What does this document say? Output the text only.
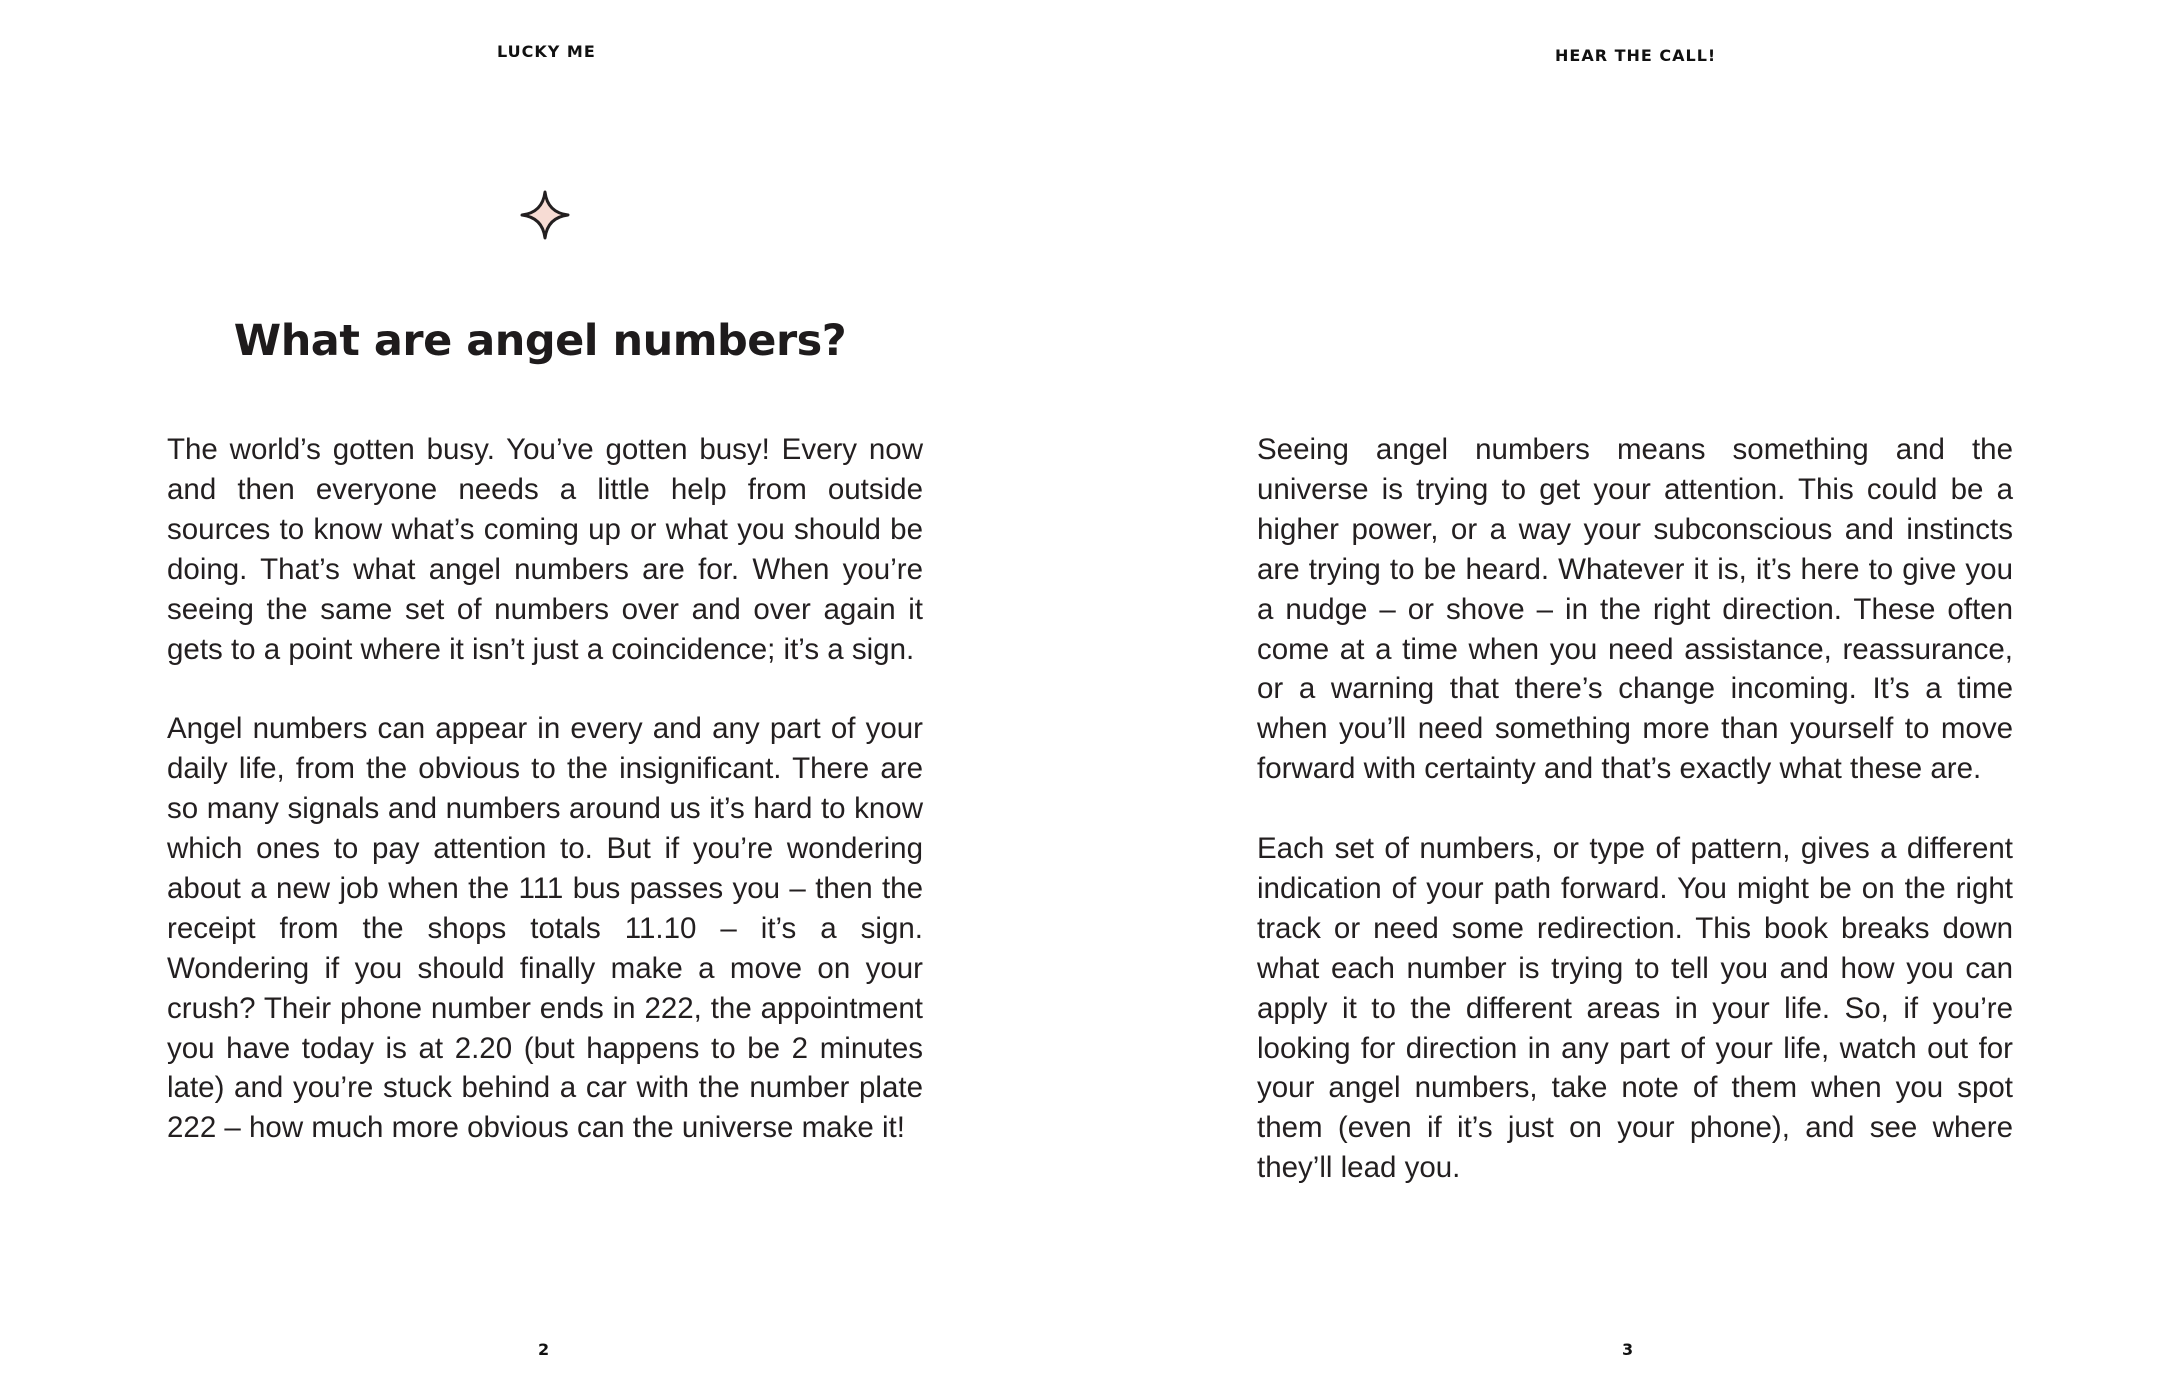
LUCKY ME
What are angel numbers?

The world’s gotten busy. You’ve gotten busy! Every now and then everyone needs a little help from outside sources to know what’s coming up or what you should be doing. That’s what angel numbers are for. When you’re seeing the same set of numbers over and over again it gets to a point where it isn’t just a coincidence; it’s a sign.

Angel numbers can appear in every and any part of your daily life, from the obvious to the insignificant. There are so many signals and numbers around us it’s hard to know which ones to pay attention to. But if you’re wondering about a new job when the 111 bus passes you – then the receipt from the shops totals 11.10 – it’s a sign. Wondering if you should finally make a move on your crush? Their phone number ends in 222, the appointment you have today is at 2.20 (but happens to be 2 minutes late) and you’re stuck behind a car with the number plate 222 – how much more obvious can the universe make it!

2
HEAR THE CALL!

Seeing angel numbers means something and the universe is trying to get your attention. This could be a higher power, or a way your subconscious and instincts are trying to be heard. Whatever it is, it’s here to give you a nudge – or shove – in the right direction. These often come at a time when you need assistance, reassurance, or a warning that there’s change incoming. It’s a time when you’ll need something more than yourself to move forward with certainty and that’s exactly what these are.

Each set of numbers, or type of pattern, gives a different indication of your path forward. You might be on the right track or need some redirection. This book breaks down what each number is trying to tell you and how you can apply it to the different areas in your life. So, if you’re looking for direction in any part of your life, watch out for your angel numbers, take note of them when you spot them (even if it’s just on your phone), and see where they’ll lead you.

3
